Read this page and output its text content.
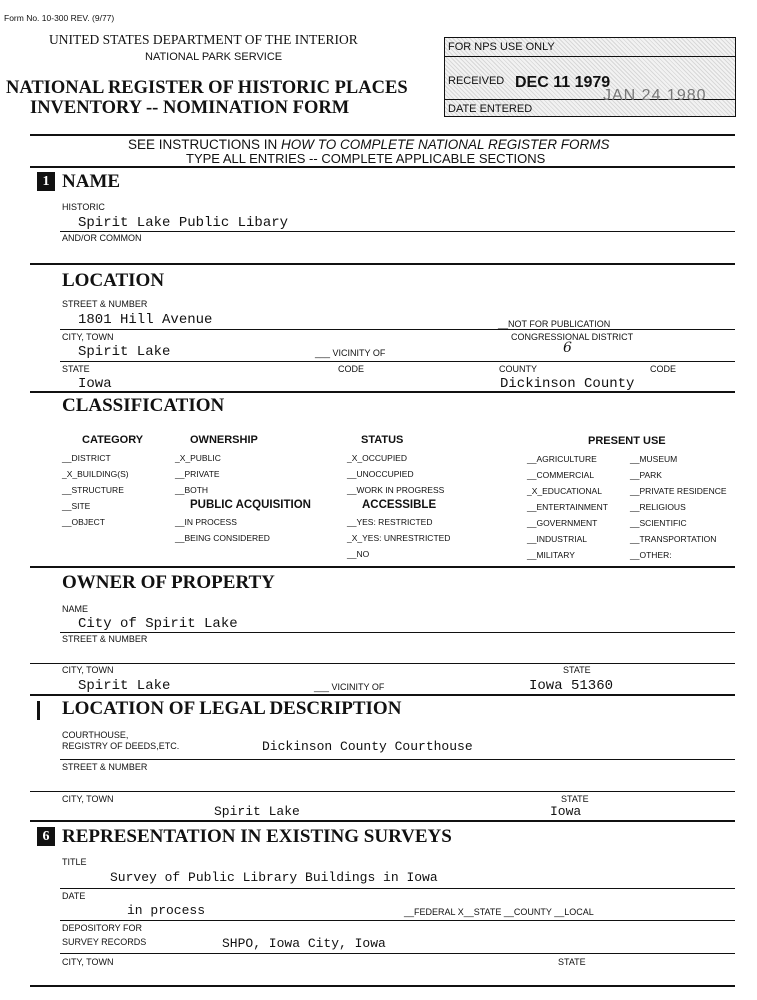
Form No. 10-300 REV. (9/77)
UNITED STATES DEPARTMENT OF THE INTERIOR
NATIONAL PARK SERVICE
NATIONAL REGISTER OF HISTORIC PLACES
INVENTORY -- NOMINATION FORM
FOR NPS USE ONLY
RECEIVED DEC 11 1979
DATE ENTERED
JAN 24 1980
SEE INSTRUCTIONS IN HOW TO COMPLETE NATIONAL REGISTER FORMS
TYPE ALL ENTRIES -- COMPLETE APPLICABLE SECTIONS
1 NAME
HISTORIC
Spirit Lake Public Libary
AND/OR COMMON
LOCATION
STREET & NUMBER
1801 Hill Avenue	__NOT FOR PUBLICATION
CITY, TOWN	CONGRESSIONAL DISTRICT
Spirit Lake	___ VICINITY OF	6
STATE	CODE	COUNTY	CODE
Iowa	Dickinson County
CLASSIFICATION
CATEGORY
__DISTRICT
_X_BUILDING(S)
__STRUCTURE
__SITE
__OBJECT
OWNERSHIP
_X_PUBLIC
__PRIVATE
__BOTH
PUBLIC ACQUISITION
__IN PROCESS
__BEING CONSIDERED
STATUS
_X_OCCUPIED
__UNOCCUPIED
__WORK IN PROGRESS
ACCESSIBLE
__YES: RESTRICTED
_X_YES: UNRESTRICTED
__NO
PRESENT USE
__AGRICULTURE
__COMMERCIAL
_X_EDUCATIONAL
__ENTERTAINMENT
__GOVERNMENT
__INDUSTRIAL
__MILITARY
__MUSEUM
__PARK
__PRIVATE RESIDENCE
__RELIGIOUS
__SCIENTIFIC
__TRANSPORTATION
__OTHER:
OWNER OF PROPERTY
NAME
City of Spirit Lake
STREET & NUMBER
CITY, TOWN	STATE
Spirit Lake	___ VICINITY OF	Iowa 51360
LOCATION OF LEGAL DESCRIPTION
COURTHOUSE,
REGISTRY OF DEEDS,ETC.	Dickinson County Courthouse
STREET & NUMBER
CITY, TOWN	STATE
Spirit Lake	Iowa
6 REPRESENTATION IN EXISTING SURVEYS
TITLE
Survey of Public Library Buildings in Iowa
DATE
in process	__FEDERAL X__STATE __COUNTY __LOCAL
DEPOSITORY FOR
SURVEY RECORDS	SHPO, Iowa City, Iowa
CITY, TOWN	STATE
